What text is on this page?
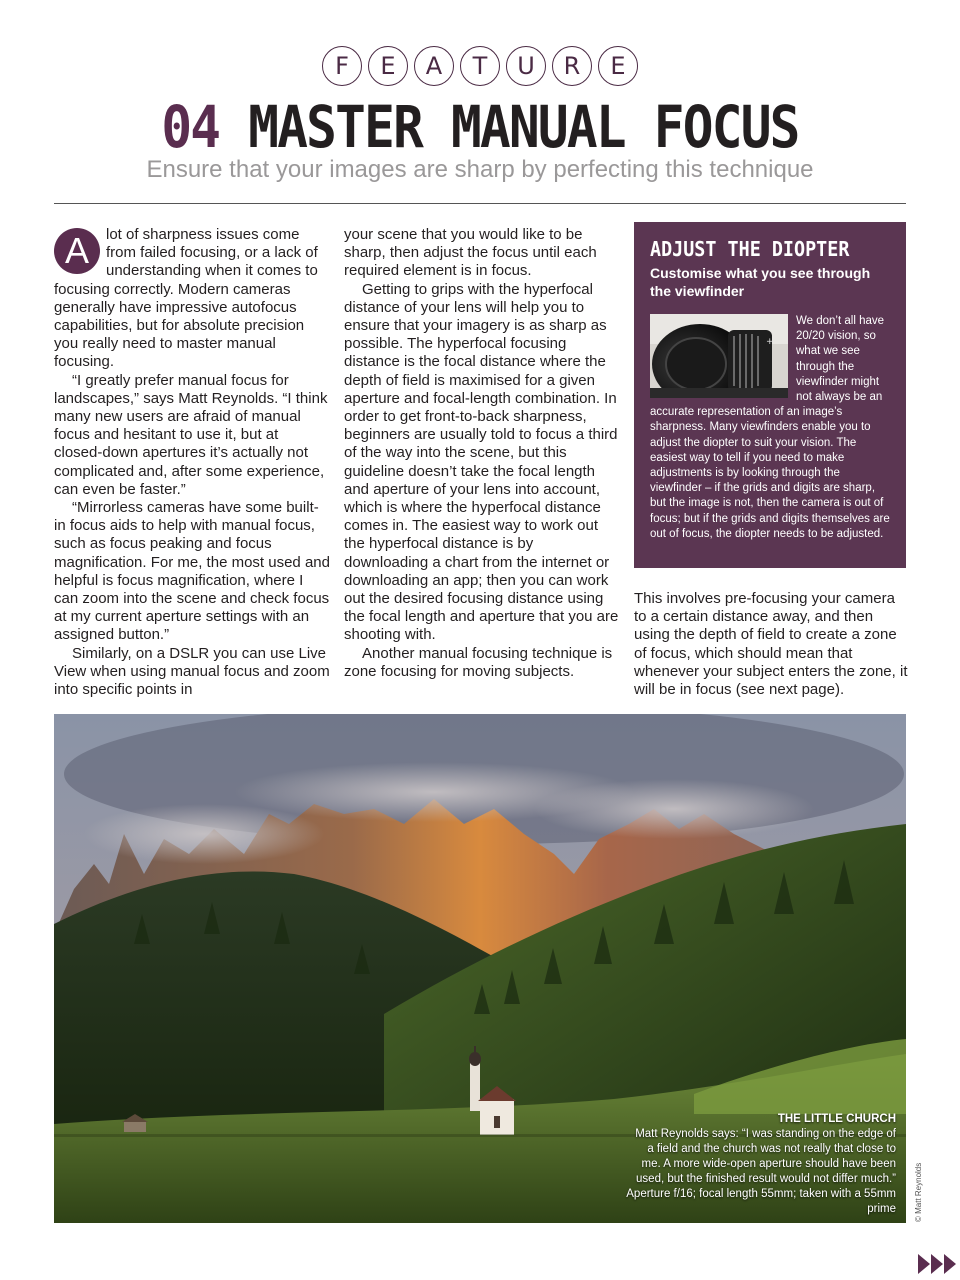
F	E	A	T	U	R	E
04 MASTER MANUAL FOCUS
Ensure that your images are sharp by perfecting this technique
A	lot of sharpness issues come from failed focusing, or a lack of understanding when it comes to focusing correctly. Modern cameras generally have impressive autofocus capabilities, but for absolute precision you really need to master manual focusing.

“I greatly prefer manual focus for landscapes,” says Matt Reynolds. “I think many new users are afraid of manual focus and hesitant to use it, but at closed-down apertures it’s actually not complicated and, after some experience, can even be faster.”

“Mirrorless cameras have some built-in focus aids to help with manual focus, such as focus peaking and focus magnification. For me, the most used and helpful is focus magnification, where I can zoom into the scene and check focus at my current aperture settings with an assigned button.”

Similarly, on a DSLR you can use Live View when using manual focus and zoom into specific points in

your scene that you would like to be sharp, then adjust the focus until each required element is in focus.

Getting to grips with the hyperfocal distance of your lens will help you to ensure that your imagery is as sharp as possible. The hyperfocal focusing distance is the focal distance where the depth of field is maximised for a given aperture and focal-length combination. In order to get front-to-back sharpness, beginners are usually told to focus a third of the way into the scene, but this guideline doesn’t take the focal length and aperture of your lens into account, which is where the hyperfocal distance comes in. The easiest way to work out the hyperfocal distance is by downloading a chart from the internet or downloading an app; then you can work out the desired focusing distance using the focal length and aperture that you are shooting with.

Another manual focusing technique is zone focusing for moving subjects.

ADJUST THE DIOPTER
Customise what you see through the viewfinder
+
We don’t all have 20/20 vision, so what we see through the viewfinder might not always be an accurate representation of an image’s sharpness. Many viewfinders enable you to adjust the diopter to suit your vision. The easiest way to tell if you need to make adjustments is by looking through the viewfinder – if the grids and digits are sharp, but the image is not, then the camera is out of focus; but if the grids and digits themselves are out of focus, the diopter needs to be adjusted.

This involves pre-focusing your camera to a certain distance away, and then using the depth of field to create a zone of focus, which should mean that whenever your subject enters the zone, it will be in focus (see next page).

THE LITTLE CHURCH
Matt Reynolds says: “I was standing on the edge of a field and the church was not really that close to me. A more wide-open aperture should have been used, but the finished result would not differ much.” Aperture f/16; focal length 55mm; taken with a 55mm prime © Matt Reynolds
